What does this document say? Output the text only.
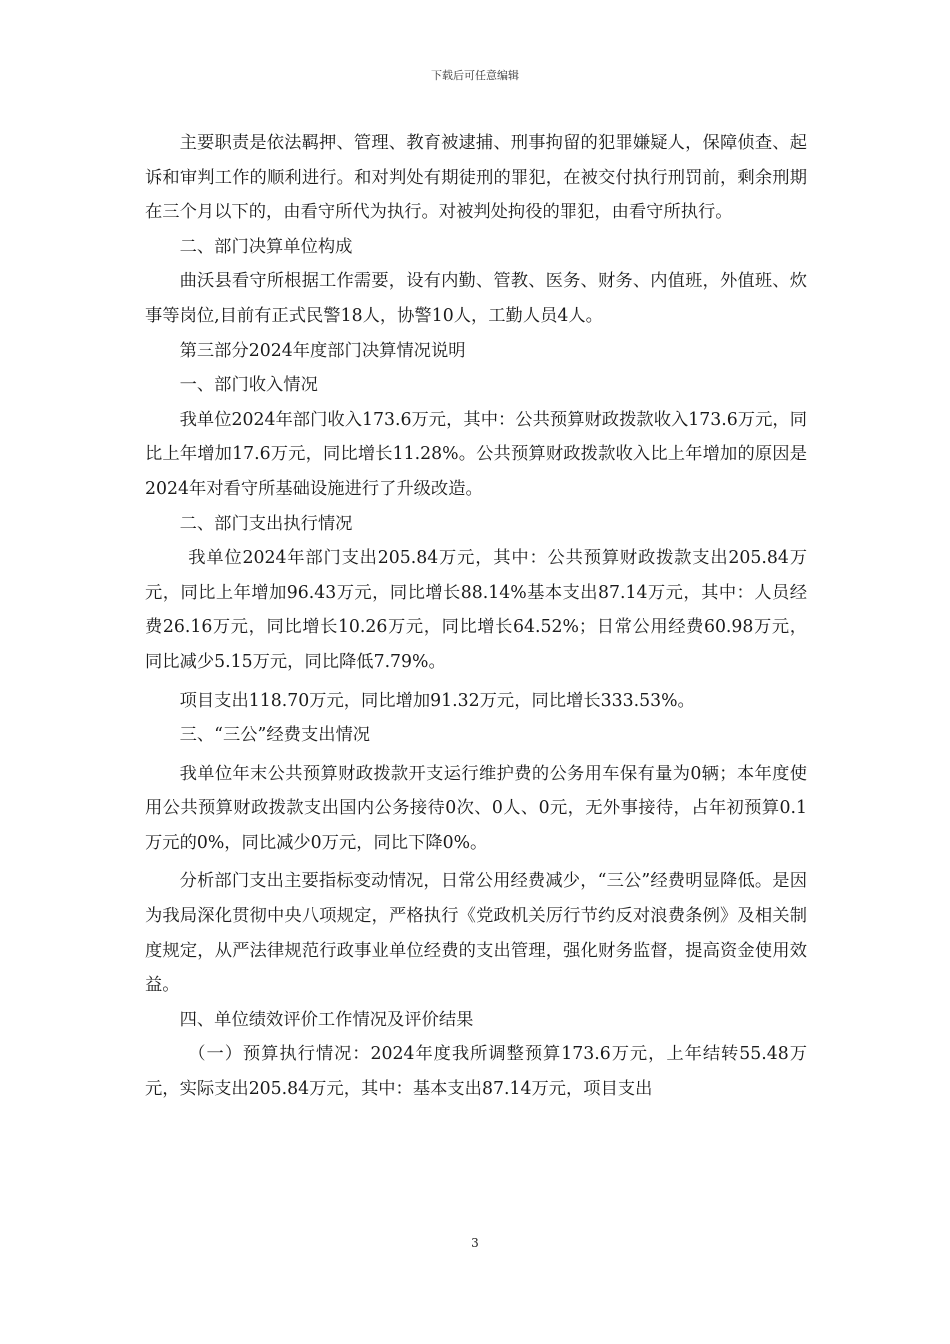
下载后可任意编辑

主要职责是依法羁押、管理、教育被逮捕、刑事拘留的犯罪嫌疑人，保障侦查、起诉和审判工作的顺利进行。和对判处有期徒刑的罪犯，在被交付执行刑罚前，剩余刑期在三个月以下的，由看守所代为执行。对被判处拘役的罪犯，由看守所执行。

二、部门决算单位构成

曲沃县看守所根据工作需要，设有内勤、管教、医务、财务、内值班，外值班、炊事等岗位,目前有正式民警18人，协警10人，工勤人员4人。

第三部分2024年度部门决算情况说明

一、部门收入情况

我单位2024年部门收入173.6万元，其中：公共预算财政拨款收入173.6万元，同比上年增加17.6万元，同比增长11.28%。公共预算财政拨款收入比上年增加的原因是2024年对看守所基础设施进行了升级改造。

二、部门支出执行情况

我单位2024年部门支出205.84万元，其中：公共预算财政拨款支出205.84万元，同比上年增加96.43万元，同比增长88.14%基本支出87.14万元，其中：人员经费26.16万元，同比增长10.26万元，同比增长64.52%；日常公用经费60.98万元，同比减少5.15万元，同比降低7.79%。

项目支出118.70万元，同比增加91.32万元，同比增长333.53%。

三、“三公”经费支出情况

我单位年末公共预算财政拨款开支运行维护费的公务用车保有量为0辆；本年度使用公共预算财政拨款支出国内公务接待0次、0人、0元，无外事接待，占年初预算0.1万元的0%，同比减少0万元，同比下降0%。

分析部门支出主要指标变动情况，日常公用经费减少，“三公”经费明显降低。是因为我局深化贯彻中央八项规定，严格执行《党政机关厉行节约反对浪费条例》及相关制度规定，从严法律规范行政事业单位经费的支出管理，强化财务监督，提高资金使用效益。

四、单位绩效评价工作情况及评价结果

（一）预算执行情况：2024年度我所调整预算173.6万元，上年结转55.48万元，实际支出205.84万元，其中：基本支出87.14万元，项目支出

3
